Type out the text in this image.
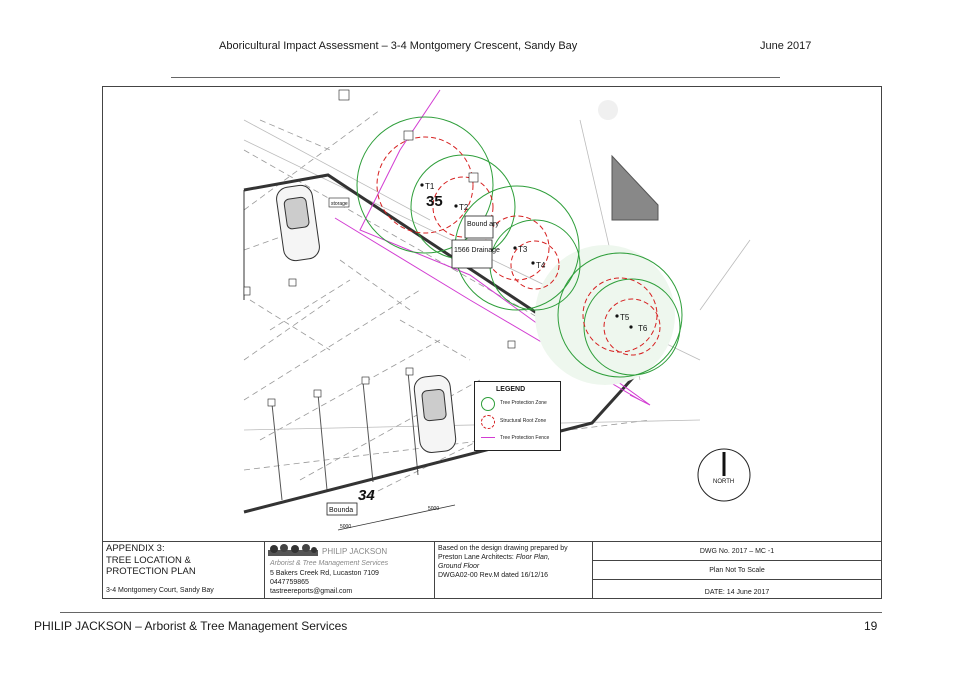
Aboricultural Impact Assessment – 3-4 Montgomery Crescent, Sandy Bay	June 2017
T1
T2
T3
T4
T5
T6
35
34
Bound ary
1566 Drainage
Bounda
storage
5000
5000
NORTH
LEGEND
Tree Protection Zone
Structural Root Zone
Tree Protection Fence
APPENDIX 3:
TREE LOCATION &
PROTECTION PLAN
3-4 Montgomery Court, Sandy Bay
PHILIP JACKSON
Arborist & Tree Management Services
5 Bakers Creek Rd, Lucaston 7109
0447759865
tastreereports@gmail.com
Based on the design drawing prepared by
Preston Lane Architects: Floor Plan,
Ground Floor
DWGA02-00 Rev.M dated 16/12/16
DWG No. 2017 – MC -1
Plan Not To Scale
DATE: 14 June 2017
PHILIP JACKSON – Arborist & Tree Management Services	19
